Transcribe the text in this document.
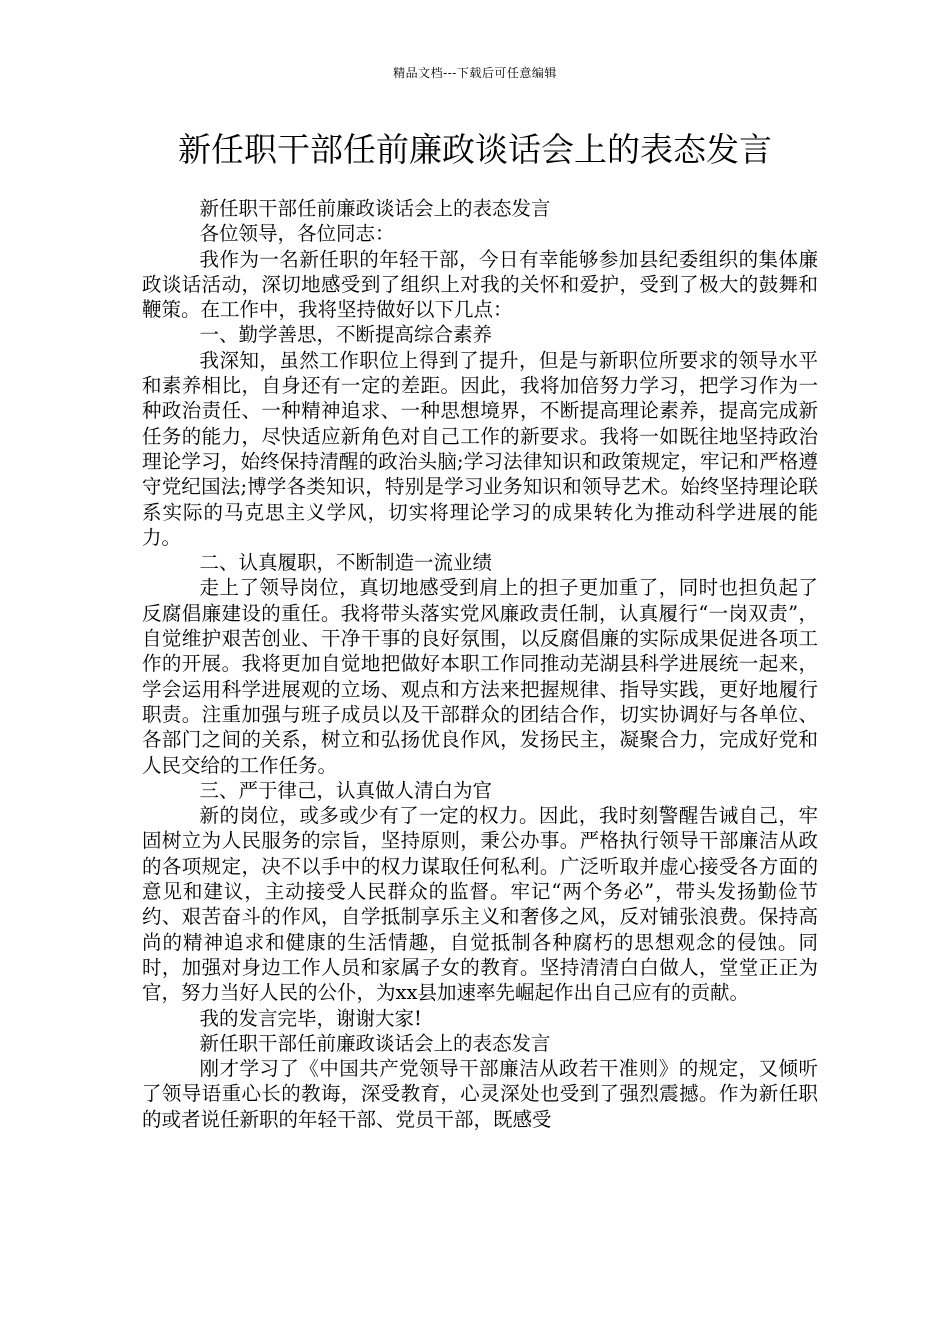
精品文档---下载后可任意编辑
新任职干部任前廉政谈话会上的表态发言

新任职干部任前廉政谈话会上的表态发言

各位领导，各位同志：

我作为一名新任职的年轻干部，今日有幸能够参加县纪委组织的集体廉政谈话活动，深切地感受到了组织上对我的关怀和爱护，受到了极大的鼓舞和鞭策。在工作中，我将坚持做好以下几点：

一、勤学善思，不断提高综合素养

我深知，虽然工作职位上得到了提升，但是与新职位所要求的领导水平和素养相比，自身还有一定的差距。因此，我将加倍努力学习，把学习作为一种政治责任、一种精神追求、一种思想境界，不断提高理论素养，提高完成新任务的能力，尽快适应新角色对自己工作的新要求。我将一如既往地坚持政治理论学习，始终保持清醒的政治头脑;学习法律知识和政策规定，牢记和严格遵守党纪国法;博学各类知识，特别是学习业务知识和领导艺术。始终坚持理论联系实际的马克思主义学风，切实将理论学习的成果转化为推动科学进展的能力。

二、认真履职，不断制造一流业绩

走上了领导岗位，真切地感受到肩上的担子更加重了，同时也担负起了反腐倡廉建设的重任。我将带头落实党风廉政责任制，认真履行“一岗双责”，自觉维护艰苦创业、干净干事的良好氛围，以反腐倡廉的实际成果促进各项工作的开展。我将更加自觉地把做好本职工作同推动芜湖县科学进展统一起来，学会运用科学进展观的立场、观点和方法来把握规律、指导实践，更好地履行职责。注重加强与班子成员以及干部群众的团结合作，切实协调好与各单位、各部门之间的关系，树立和弘扬优良作风，发扬民主，凝聚合力，完成好党和人民交给的工作任务。

三、严于律己，认真做人清白为官

新的岗位，或多或少有了一定的权力。因此，我时刻警醒告诫自己，牢固树立为人民服务的宗旨，坚持原则，秉公办事。严格执行领导干部廉洁从政的各项规定，决不以手中的权力谋取任何私利。广泛听取并虚心接受各方面的意见和建议，主动接受人民群众的监督。牢记“两个务必”，带头发扬勤俭节约、艰苦奋斗的作风，自学抵制享乐主义和奢侈之风，反对铺张浪费。保持高尚的精神追求和健康的生活情趣，自觉抵制各种腐朽的思想观念的侵蚀。同时，加强对身边工作人员和家属子女的教育。坚持清清白白做人，堂堂正正为官，努力当好人民的公仆，为xx县加速率先崛起作出自己应有的贡献。

我的发言完毕，谢谢大家!

新任职干部任前廉政谈话会上的表态发言

刚才学习了《中国共产党领导干部廉洁从政若干准则》的规定，又倾听了领导语重心长的教诲，深受教育，心灵深处也受到了强烈震撼。作为新任职的或者说任新职的年轻干部、党员干部，既感受
